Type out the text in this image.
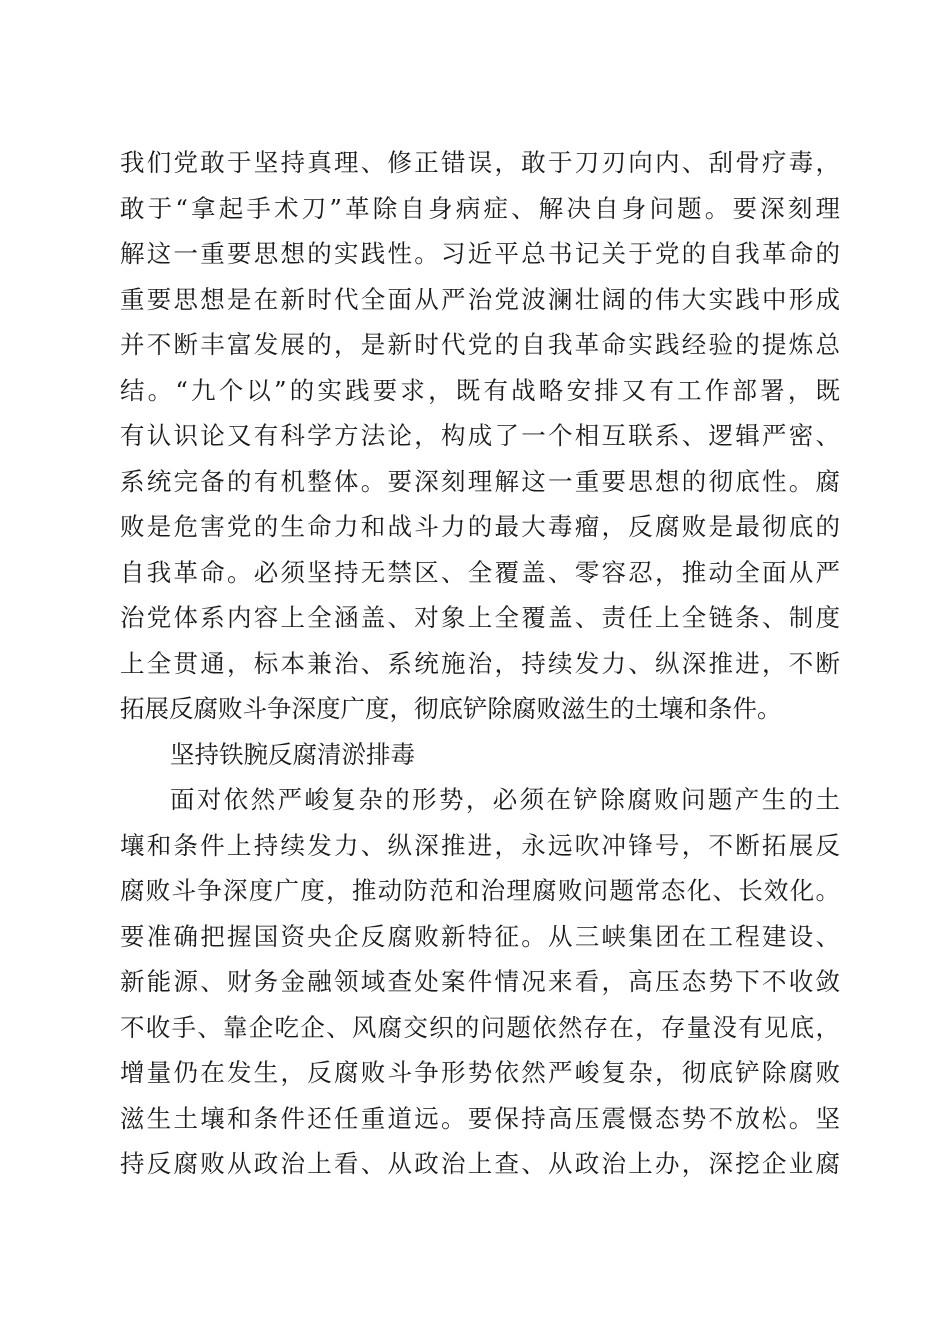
我们党敢于坚持真理、修正错误，敢于刀刃向内、刮骨疗毒，
敢于“拿起手术刀”革除自身病症、解决自身问题。要深刻理
解这一重要思想的实践性。习近平总书记关于党的自我革命的
重要思想是在新时代全面从严治党波澜壮阔的伟大实践中形成
并不断丰富发展的，是新时代党的自我革命实践经验的提炼总
结。“九个以”的实践要求，既有战略安排又有工作部署，既
有认识论又有科学方法论，构成了一个相互联系、逻辑严密、
系统完备的有机整体。要深刻理解这一重要思想的彻底性。腐
败是危害党的生命力和战斗力的最大毒瘤，反腐败是最彻底的
自我革命。必须坚持无禁区、全覆盖、零容忍，推动全面从严
治党体系内容上全涵盖、对象上全覆盖、责任上全链条、制度
上全贯通，标本兼治、系统施治，持续发力、纵深推进，不断
拓展反腐败斗争深度广度，彻底铲除腐败滋生的土壤和条件。
坚持铁腕反腐清淤排毒
面对依然严峻复杂的形势，必须在铲除腐败问题产生的土
壤和条件上持续发力、纵深推进，永远吹冲锋号，不断拓展反
腐败斗争深度广度，推动防范和治理腐败问题常态化、长效化。
要准确把握国资央企反腐败新特征。从三峡集团在工程建设、
新能源、财务金融领域查处案件情况来看，高压态势下不收敛
不收手、靠企吃企、风腐交织的问题依然存在，存量没有见底，
增量仍在发生，反腐败斗争形势依然严峻复杂，彻底铲除腐败
滋生土壤和条件还任重道远。要保持高压震慑态势不放松。坚
持反腐败从政治上看、从政治上查、从政治上办，深挖企业腐
